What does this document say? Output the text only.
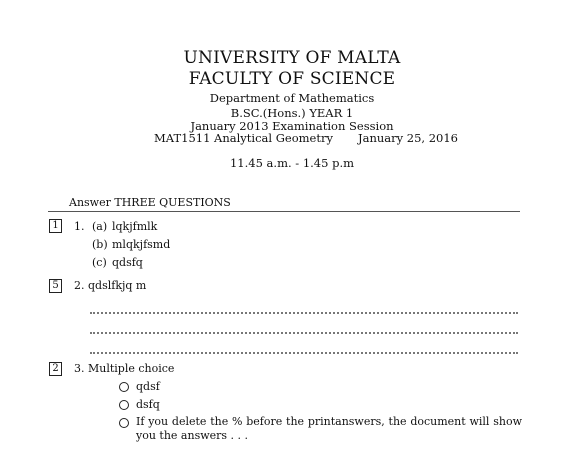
UNIVERSITY OF MALTA
FACULTY OF SCIENCE
Department of Mathematics
B.SC.(Hons.) YEAR 1
January 2013 Examination Session
MAT1511 Analytical Geometry January 25, 2016
11.45 a.m. - 1.45 p.m
Answer THREE QUESTIONS
1	1. (a) lqkjfmlk
(b) mlqkjfsmd
(c) qdsfq
5	2. qdslfkjq m
2	3. Multiple choice
qdsf
dsfq
If you delete the % before the printanswers, the document will show you the answers . . .
